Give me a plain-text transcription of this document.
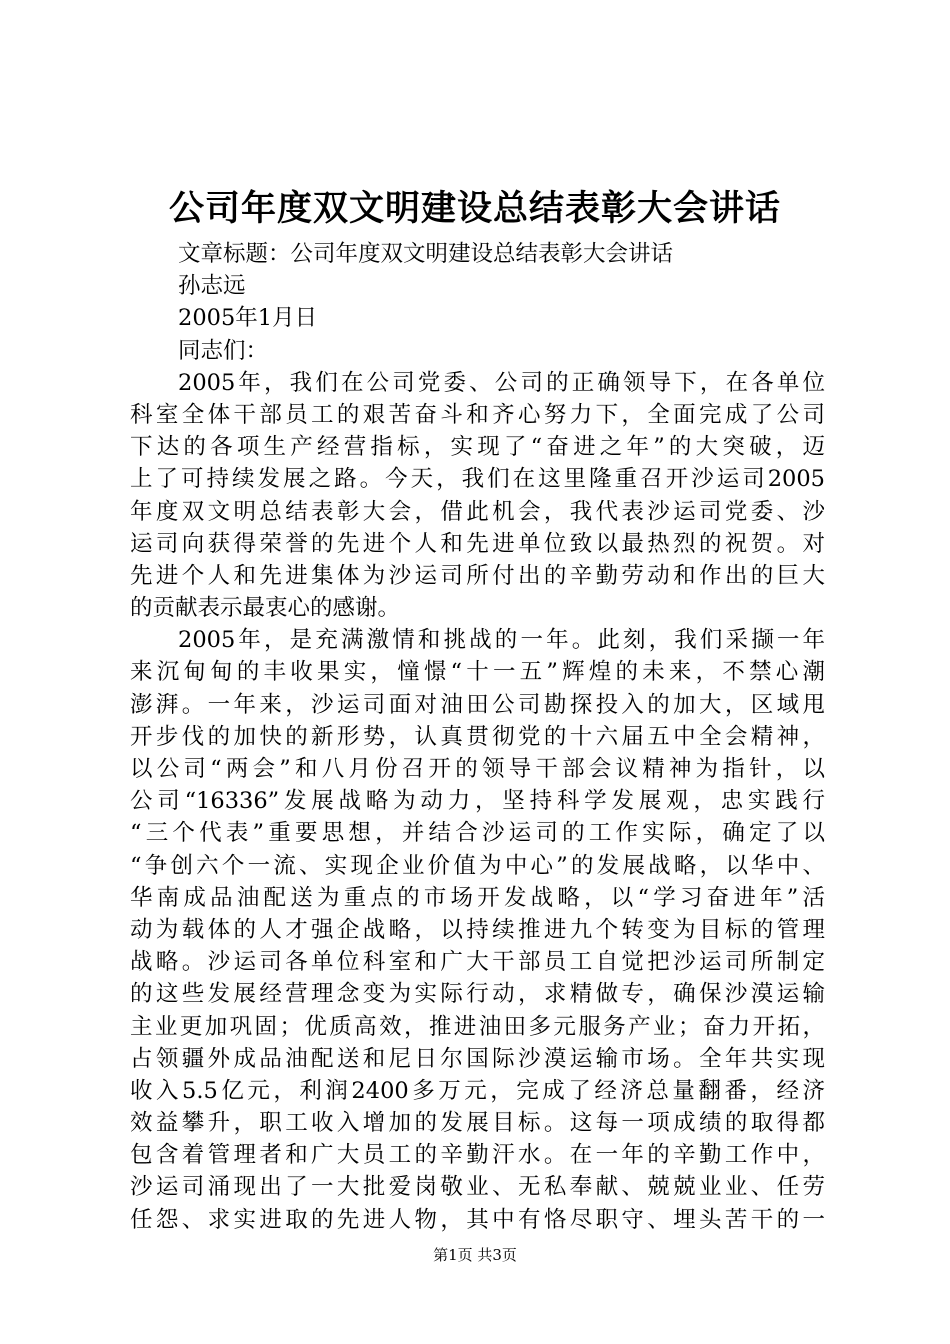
公司年度双文明建设总结表彰大会讲话
文章标题：公司年度双文明建设总结表彰大会讲话
孙志远
2005年1月日
同志们：
2005年，我们在公司党委、公司的正确领导下，在各单位
科室全体干部员工的艰苦奋斗和齐心努力下，全面完成了公司
下达的各项生产经营指标，实现了“奋进之年”的大突破，迈
上了可持续发展之路。今天，我们在这里隆重召开沙运司2005
年度双文明总结表彰大会，借此机会，我代表沙运司党委、沙
运司向获得荣誉的先进个人和先进单位致以最热烈的祝贺。对
先进个人和先进集体为沙运司所付出的辛勤劳动和作出的巨大
的贡献表示最衷心的感谢。
2005年，是充满激情和挑战的一年。此刻，我们采撷一年
来沉甸甸的丰收果实，憧憬“十一五”辉煌的未来，不禁心潮
澎湃。一年来，沙运司面对油田公司勘探投入的加大，区域甩
开步伐的加快的新形势，认真贯彻党的十六届五中全会精神，
以公司“两会”和八月份召开的领导干部会议精神为指针，以
公司“16336”发展战略为动力，坚持科学发展观，忠实践行
“三个代表”重要思想，并结合沙运司的工作实际，确定了以
“争创六个一流、实现企业价值为中心”的发展战略，以华中、
华南成品油配送为重点的市场开发战略，以“学习奋进年”活
动为载体的人才强企战略，以持续推进九个转变为目标的管理
战略。沙运司各单位科室和广大干部员工自觉把沙运司所制定
的这些发展经营理念变为实际行动，求精做专，确保沙漠运输
主业更加巩固；优质高效，推进油田多元服务产业；奋力开拓，
占领疆外成品油配送和尼日尔国际沙漠运输市场。全年共实现
收入5.5亿元，利润2400多万元，完成了经济总量翻番，经济
效益攀升，职工收入增加的发展目标。这每一项成绩的取得都
包含着管理者和广大员工的辛勤汗水。在一年的辛勤工作中，
沙运司涌现出了一大批爱岗敬业、无私奉献、兢兢业业、任劳
任怨、求实进取的先进人物，其中有恪尽职守、埋头苦干的一
第1页 共3页
